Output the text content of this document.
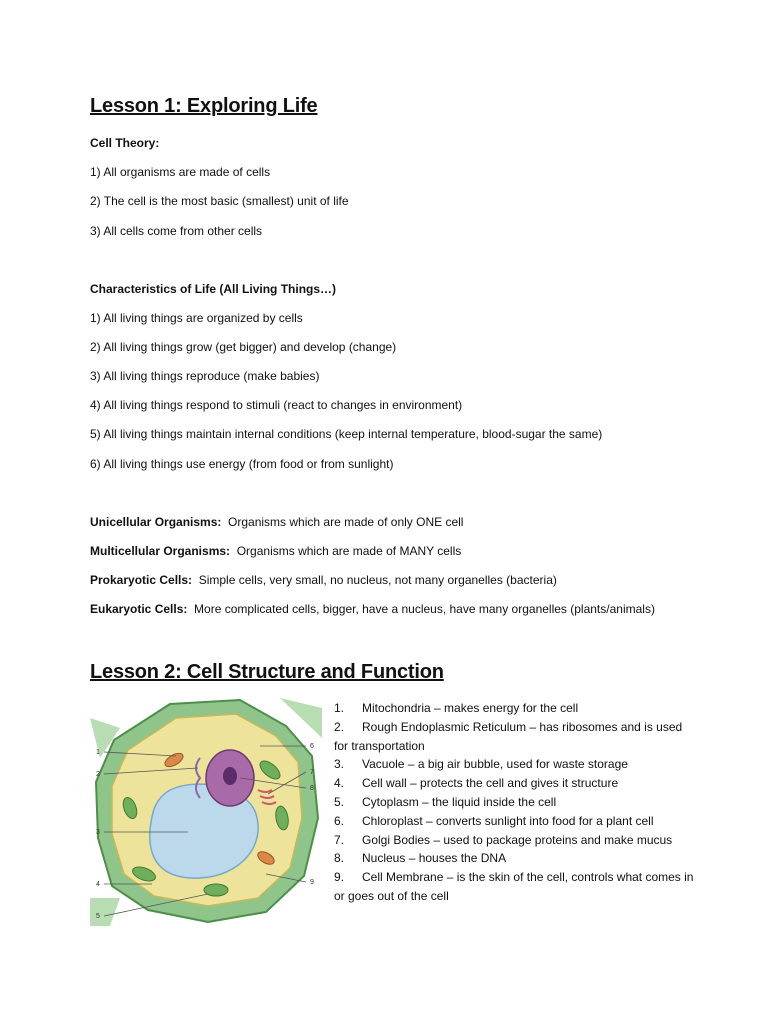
Lesson 1: Exploring Life

Cell Theory:

1) All organisms are made of cells

2) The cell is the most basic (smallest) unit of life

3) All cells come from other cells

Characteristics of Life (All Living Things…)

1) All living things are organized by cells

2) All living things grow (get bigger) and develop (change)

3) All living things reproduce (make babies)

4) All living things respond to stimuli (react to changes in environment)

5) All living things maintain internal conditions (keep internal temperature, blood-sugar the same)

6) All living things use energy (from food or from sunlight)

Unicellular Organisms:  Organisms which are made of only ONE cell

Multicellular Organisms:  Organisms which are made of MANY cells

Prokaryotic Cells:  Simple cells, very small, no nucleus, not many organelles (bacteria)

Eukaryotic Cells:  More complicated cells, bigger, have a nucleus, have many organelles (plants/animals)

Lesson 2: Cell Structure and Function
1
2
3
4
5
6
7
8
9
1. Mitochondria – makes energy for the cell
2. Rough Endoplasmic Reticulum – has ribosomes and is used for transportation
3. Vacuole – a big air bubble, used for waste storage
4. Cell wall – protects the cell and gives it structure
5. Cytoplasm – the liquid inside the cell
6. Chloroplast – converts sunlight into food for a plant cell
7. Golgi Bodies – used to package proteins and make mucus
8. Nucleus – houses the DNA
9. Cell Membrane – is the skin of the cell, controls what comes in or goes out of the cell
